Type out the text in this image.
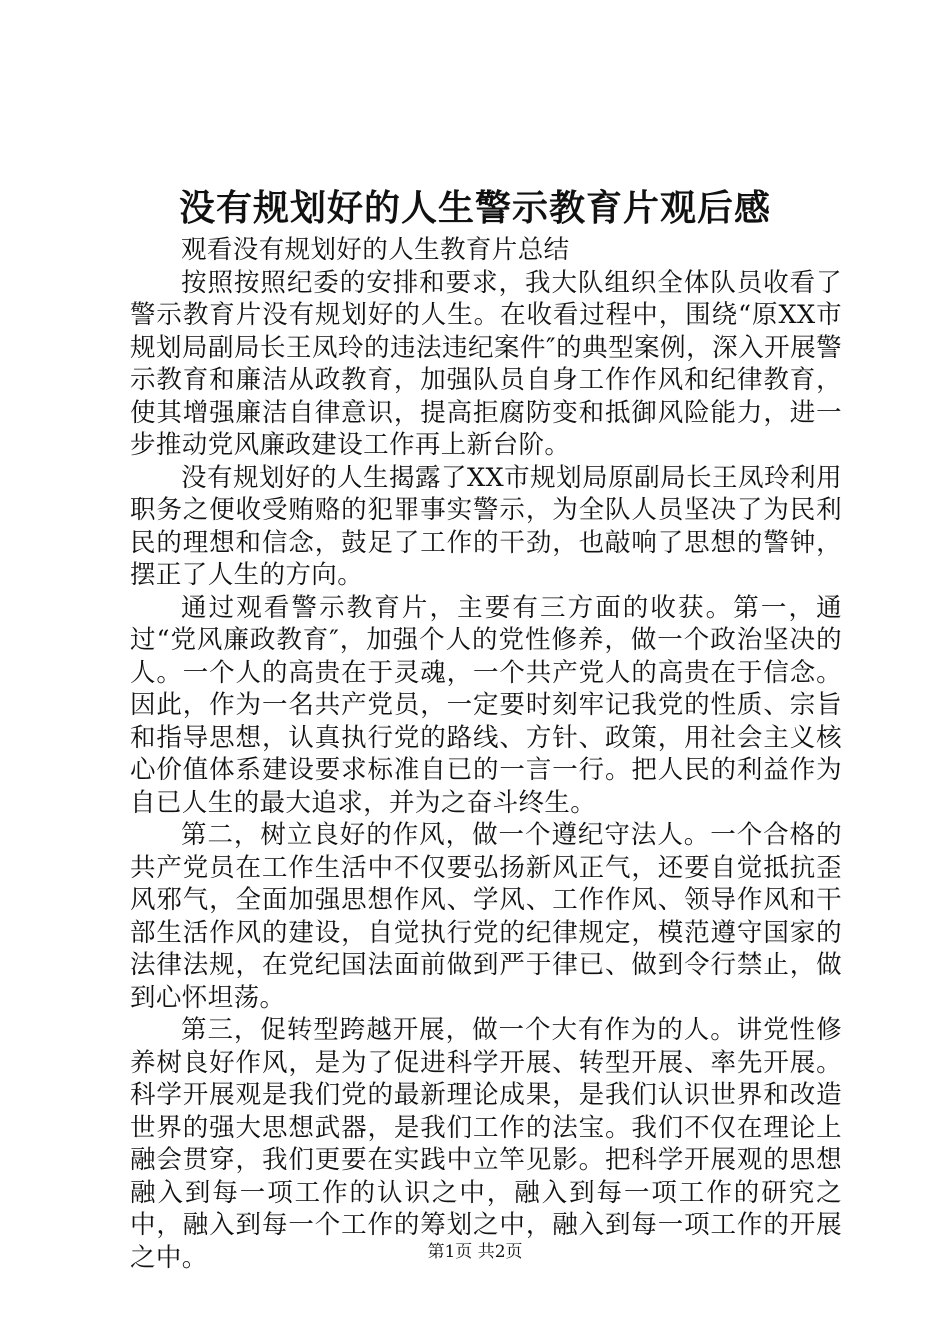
没有规划好的人生警示教育片观后感

观看没有规划好的人生教育片总结

按照按照纪委的安排和要求，我大队组织全体队员收看了警示教育片没有规划好的人生。在收看过程中，围绕“原XX市规划局副局长王凤玲的违法违纪案件″的典型案例，深入开展警示教育和廉洁从政教育，加强队员自身工作作风和纪律教育，使其增强廉洁自律意识，提高拒腐防变和抵御风险能力，进一步推动党风廉政建设工作再上新台阶。

没有规划好的人生揭露了XX市规划局原副局长王凤玲利用职务之便收受贿赂的犯罪事实警示，为全队人员坚决了为民利民的理想和信念，鼓足了工作的干劲，也敲响了思想的警钟，摆正了人生的方向。

通过观看警示教育片，主要有三方面的收获。第一，通过“党风廉政教育″，加强个人的党性修养，做一个政治坚决的人。一个人的高贵在于灵魂，一个共产党人的高贵在于信念。因此，作为一名共产党员，一定要时刻牢记我党的性质、宗旨和指导思想，认真执行党的路线、方针、政策，用社会主义核心价值体系建设要求标准自已的一言一行。把人民的利益作为自已人生的最大追求，并为之奋斗终生。

第二，树立良好的作风，做一个遵纪守法人。一个合格的共产党员在工作生活中不仅要弘扬新风正气，还要自觉抵抗歪风邪气，全面加强思想作风、学风、工作作风、领导作风和干部生活作风的建设，自觉执行党的纪律规定，模范遵守国家的法律法规，在党纪国法面前做到严于律已、做到令行禁止，做到心怀坦荡。

第三，促转型跨越开展，做一个大有作为的人。讲党性修养树良好作风，是为了促进科学开展、转型开展、率先开展。科学开展观是我们党的最新理论成果，是我们认识世界和改造世界的强大思想武器，是我们工作的法宝。我们不仅在理论上融会贯穿，我们更要在实践中立竿见影。把科学开展观的思想融入到每一项工作的认识之中，融入到每一项工作的研究之中，融入到每一个工作的筹划之中，融入到每一项工作的开展之中。	第1页 共2页
